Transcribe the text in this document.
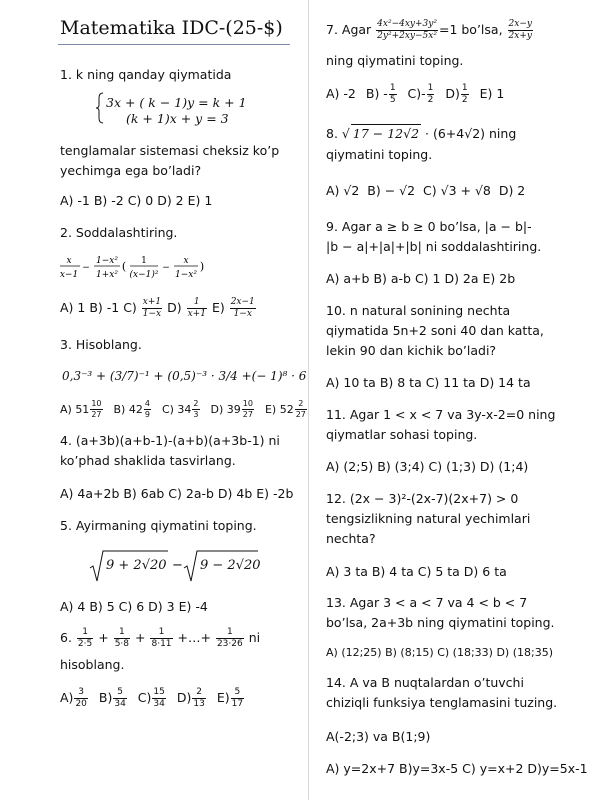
Matematika IDC-(25-$)
1. k ning qanday qiymatida
3x + ( k − 1)y = k + 1
(k + 1)x + y = 3
tenglamalar sistemasi cheksiz ko’p
yechimga ega bo’ladi?
A) -1 B) -2 C) 0 D) 2 E) 1
2. Soddalashtiring.
x
x−1
−
1−x²
1+x²
( 1
(x−1)²
−
x
1−x²
)
A) 1 B) -1 $C) \frac{x+1}{1-x} D) \frac{1}{x+1} E) \frac{2x-1}{1-x}$
3. Hisoblang.
0,3⁻³ + (3/7)⁻¹ + (0,5)⁻³ · 3/4 +(− 1)⁸ · 6
A) $51 \frac{10}{27} B$) $42 \frac{4}{9} C$) $34 \frac{2}{3} D$) $39 \frac{10}{27} E$) $52 \frac{2}{27}$
4. (a+3b)(a+b-1)-(a+b)(a+3b-1) ni
ko’phad shaklida tasvirlang.
A) 4a+2b B) 6ab C) 2a-b D) 4b E) -2b
5. Ayirmaning qiymatini toping.
9 + 2√20 − 9 − 2√20
A) 4 B) 5 C) 6 D) 3 E) -4
6. $\frac{1}{2\cdot 5} + \frac{1}{5\cdot 8} + \frac{1}{8\cdot 11}$ +…+ $\frac{1}{23\cdot 26}$ ni
hisoblang.
$A) \frac{3}{20} B) \frac{5}{34} C) \frac{15}{34} D) \frac{2}{13} E) \frac{5}{17}$
7. Agar $\frac{\text{4x²−4xy+3y²}}{\text{2y²+2xy−5x²}} =1$ bo’lsa, $\frac{2x-y}{2x+y}$
ning qiymatini toping.
A) -2 $B) - \frac{1}{5} C)- \frac{1}{2} D) \frac{1}{2} E$) 1
8. √ 17 − 12√2 · (6+4√2) ning
qiymatini toping.
A) √2 B) − √2 C) √3 + √8 D) 2
9. Agar a ≥ b ≥ 0 bo’lsa, |a − b|-
|b − a|+|a|+|b| ni soddalashtiring.
A) a+b B) a-b C) 1 D) 2a E) 2b
10. n natural sonining nechta
qiymatida 5n+2 soni 40 dan katta,
lekin 90 dan kichik bo’ladi?
A) 10 ta B) 8 ta C) 11 ta D) 14 ta
11. Agar 1 < x < 7 va 3y-x-2=0 ning
qiymatlar sohasi toping.
A) (2;5) B) (3;4) C) (1;3) D) (1;4)
12. (2x − 3)²-(2x-7)(2x+7) > 0
tengsizlikning natural yechimlari
nechta?
A) 3 ta B) 4 ta C) 5 ta D) 6 ta
13. Agar 3 < a < 7 va 4 < b < 7
bo’lsa, 2a+3b ning qiymatini toping.
A) (12;25) B) (8;15) C) (18;33) D) (18;35)
14. A va B nuqtalardan o’tuvchi
chiziqli funksiya tenglamasini tuzing.
A(-2;3) va B(1;9)
A) y=2x+7 B)y=3x-5 C) y=x+2 D)y=5x-1
